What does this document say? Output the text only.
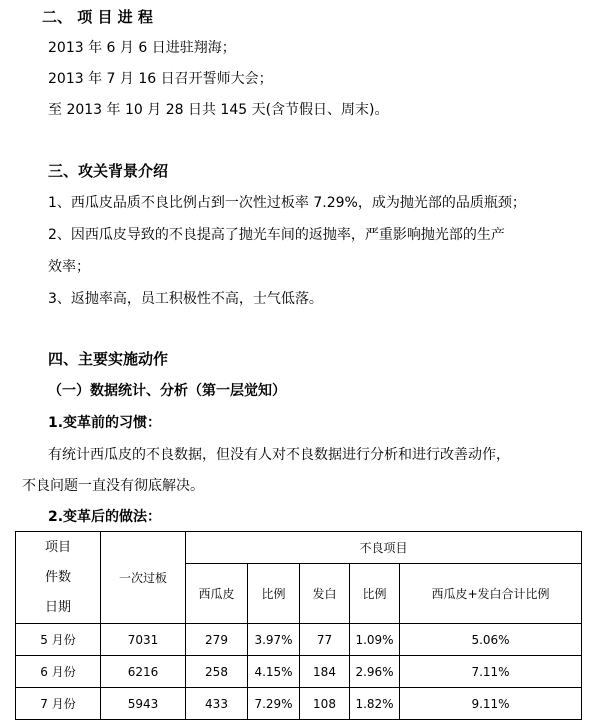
二、 项 目 进 程
2013 年 6 月 6 日进驻翔海；
2013 年 7 月 16 日召开誓师大会；
至 2013 年 10 月 28 日共 145 天(含节假日、周末)。
三、攻关背景介绍
1、西瓜皮品质不良比例占到一次性过板率 7.29%，成为抛光部的品质瓶颈；
2、因西瓜皮导致的不良提高了抛光车间的返抛率，严重影响抛光部的生产
效率；
3、返抛率高，员工积极性不高，士气低落。
四、主要实施动作
（一）数据统计、分析（第一层觉知）
1.变革前的习惯：
有统计西瓜皮的不良数据，但没有人对不良数据进行分析和进行改善动作，
不良问题一直没有彻底解决。
2.变革后的做法：
项目
件数
日期	一次过板	不良项目				
		西瓜皮	比例	发白	比例	西瓜皮+发白合计比例
5 月份	7031	279	3.97%	77	1.09%	5.06%
6 月份	6216	258	4.15%	184	2.96%	7.11%
7 月份	5943	433	7.29%	108	1.82%	9.11%
